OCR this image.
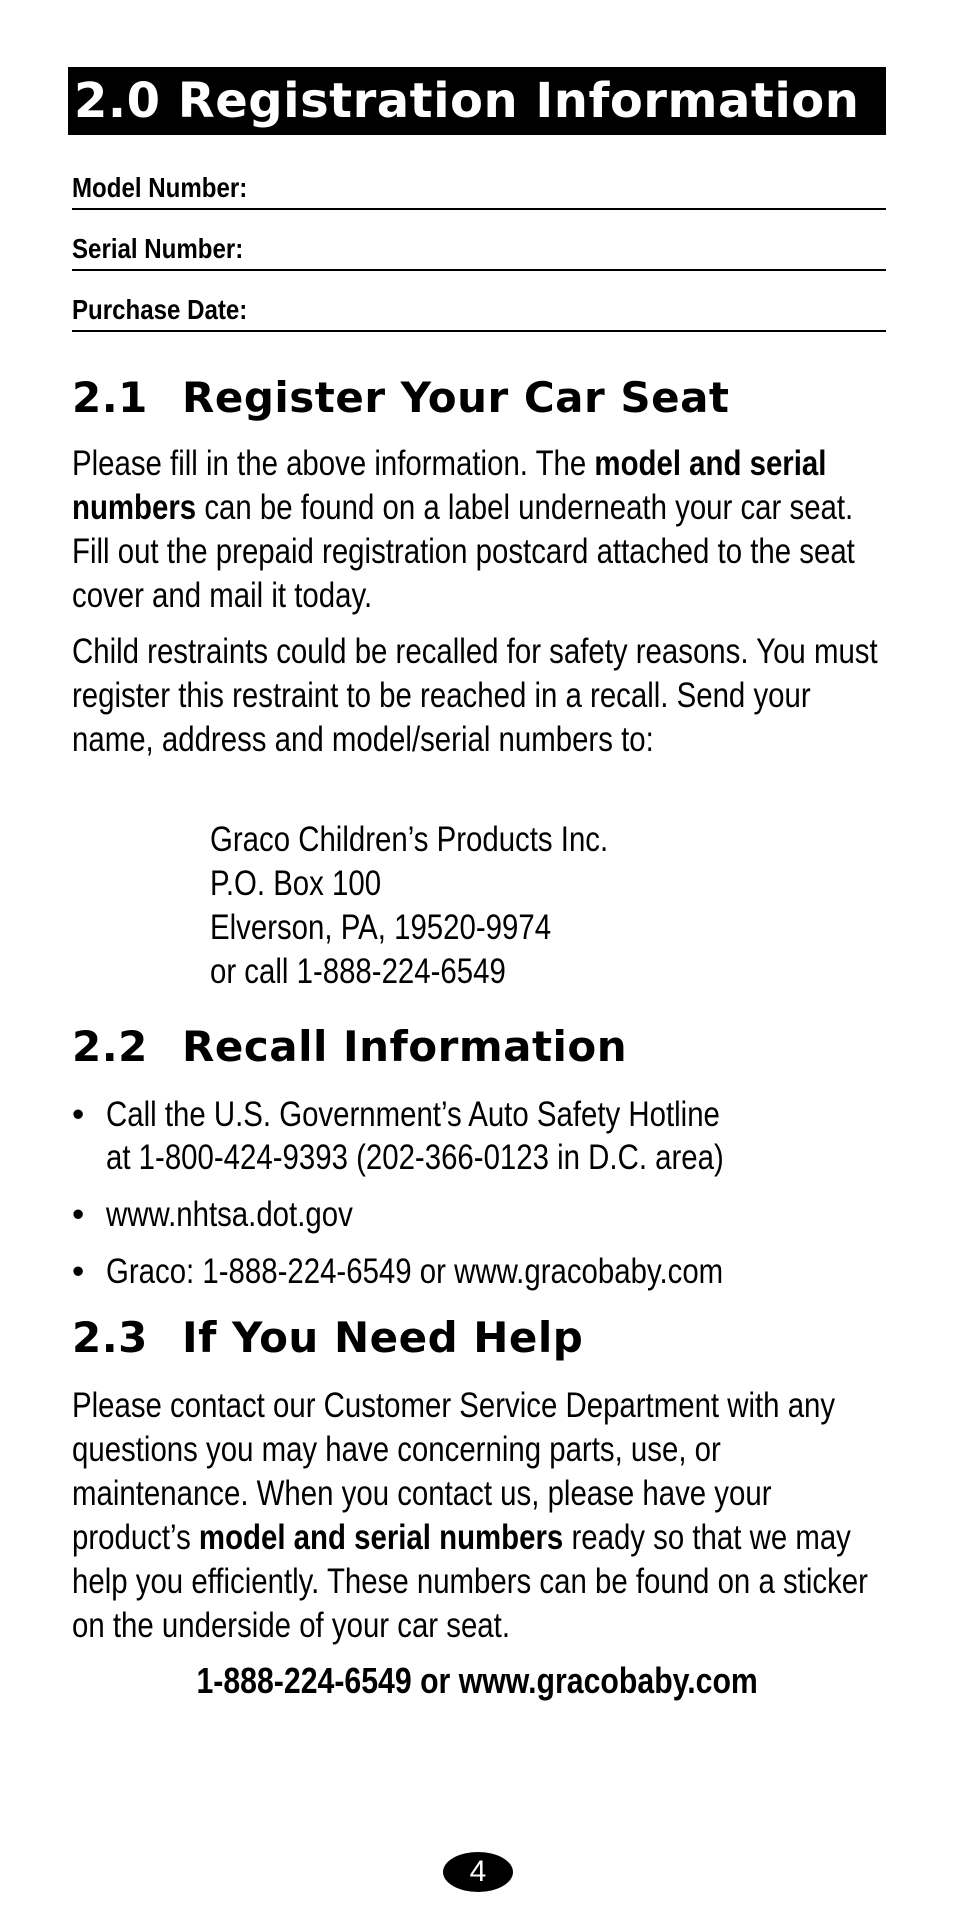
2.0 Registration Information
Model Number:
Serial Number:
Purchase Date:
2.1 Register Your Car Seat
Please fill in the above information. The model and serial numbers can be found on a label underneath your car seat. Fill out the prepaid registration postcard attached to the seat cover and mail it today.
Child restraints could be recalled for safety reasons. You must register this restraint to be reached in a recall. Send your name, address and model/serial numbers to:
Graco Children’s Products Inc.
P.O. Box 100
Elverson, PA, 19520-9974
or call 1-888-224-6549
2.2 Recall Information
• Call the U.S. Government’s Auto Safety Hotline
at 1-800-424-9393 (202-366-0123 in D.C. area)
• www.nhtsa.dot.gov
• Graco: 1-888-224-6549 or www.gracobaby.com
2.3 If You Need Help
Please contact our Customer Service Department with any questions you may have concerning parts, use, or maintenance. When you contact us, please have your product’s model and serial numbers ready so that we may help you efficiently. These numbers can be found on a sticker on the underside of your car seat.
1-888-224-6549 or www.gracobaby.com
4
